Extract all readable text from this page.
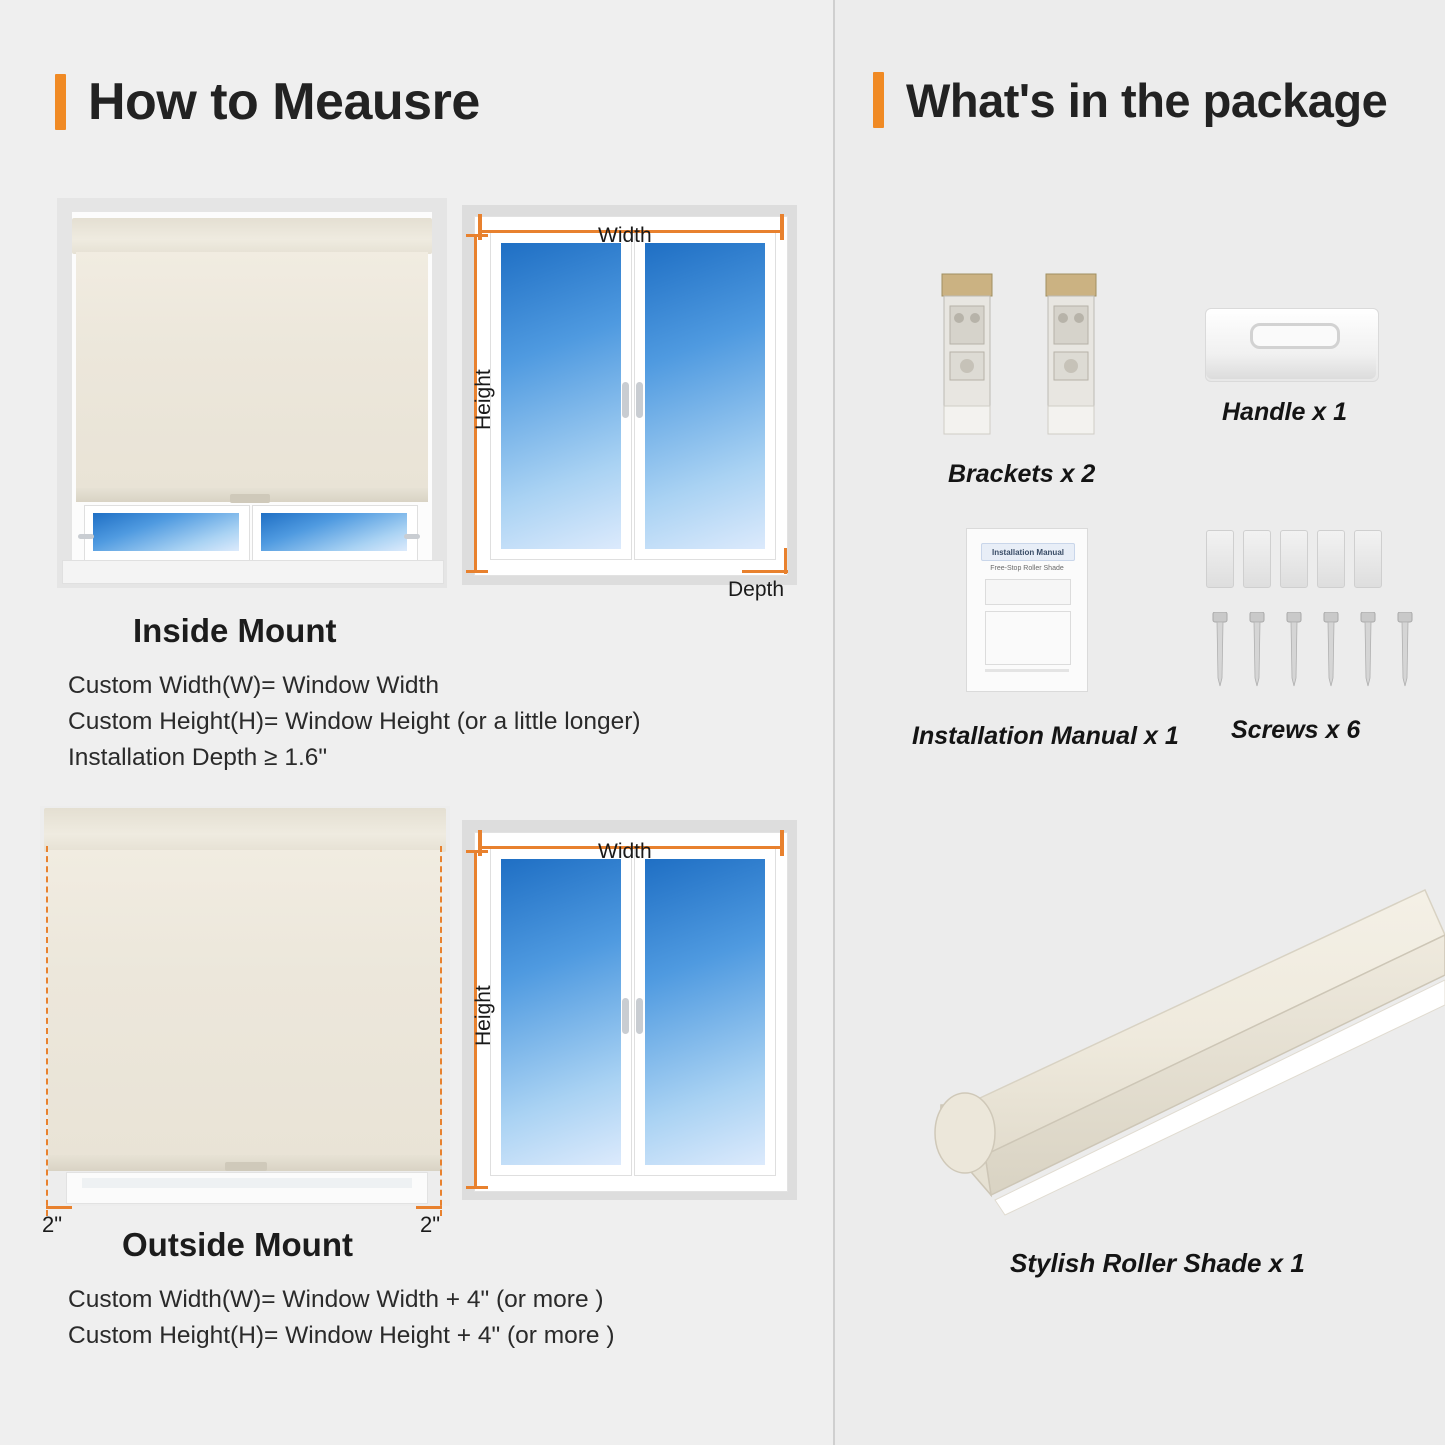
How to Meausre
Width
Height
Depth
Inside Mount
Custom Width(W)= Window Width
Custom Height(H)= Window Height (or a little longer)
Installation Depth ≥ 1.6"
2"	2"
Width
Height
Outside Mount
Custom Width(W)= Window Width + 4" (or more )
Custom Height(H)= Window Height + 4" (or more )
What's in the package
Brackets x 2
Handle x 1
Installation Manual
Free-Stop Roller Shade
Installation Manual x 1 Screws x 6
Stylish Roller Shade x 1
